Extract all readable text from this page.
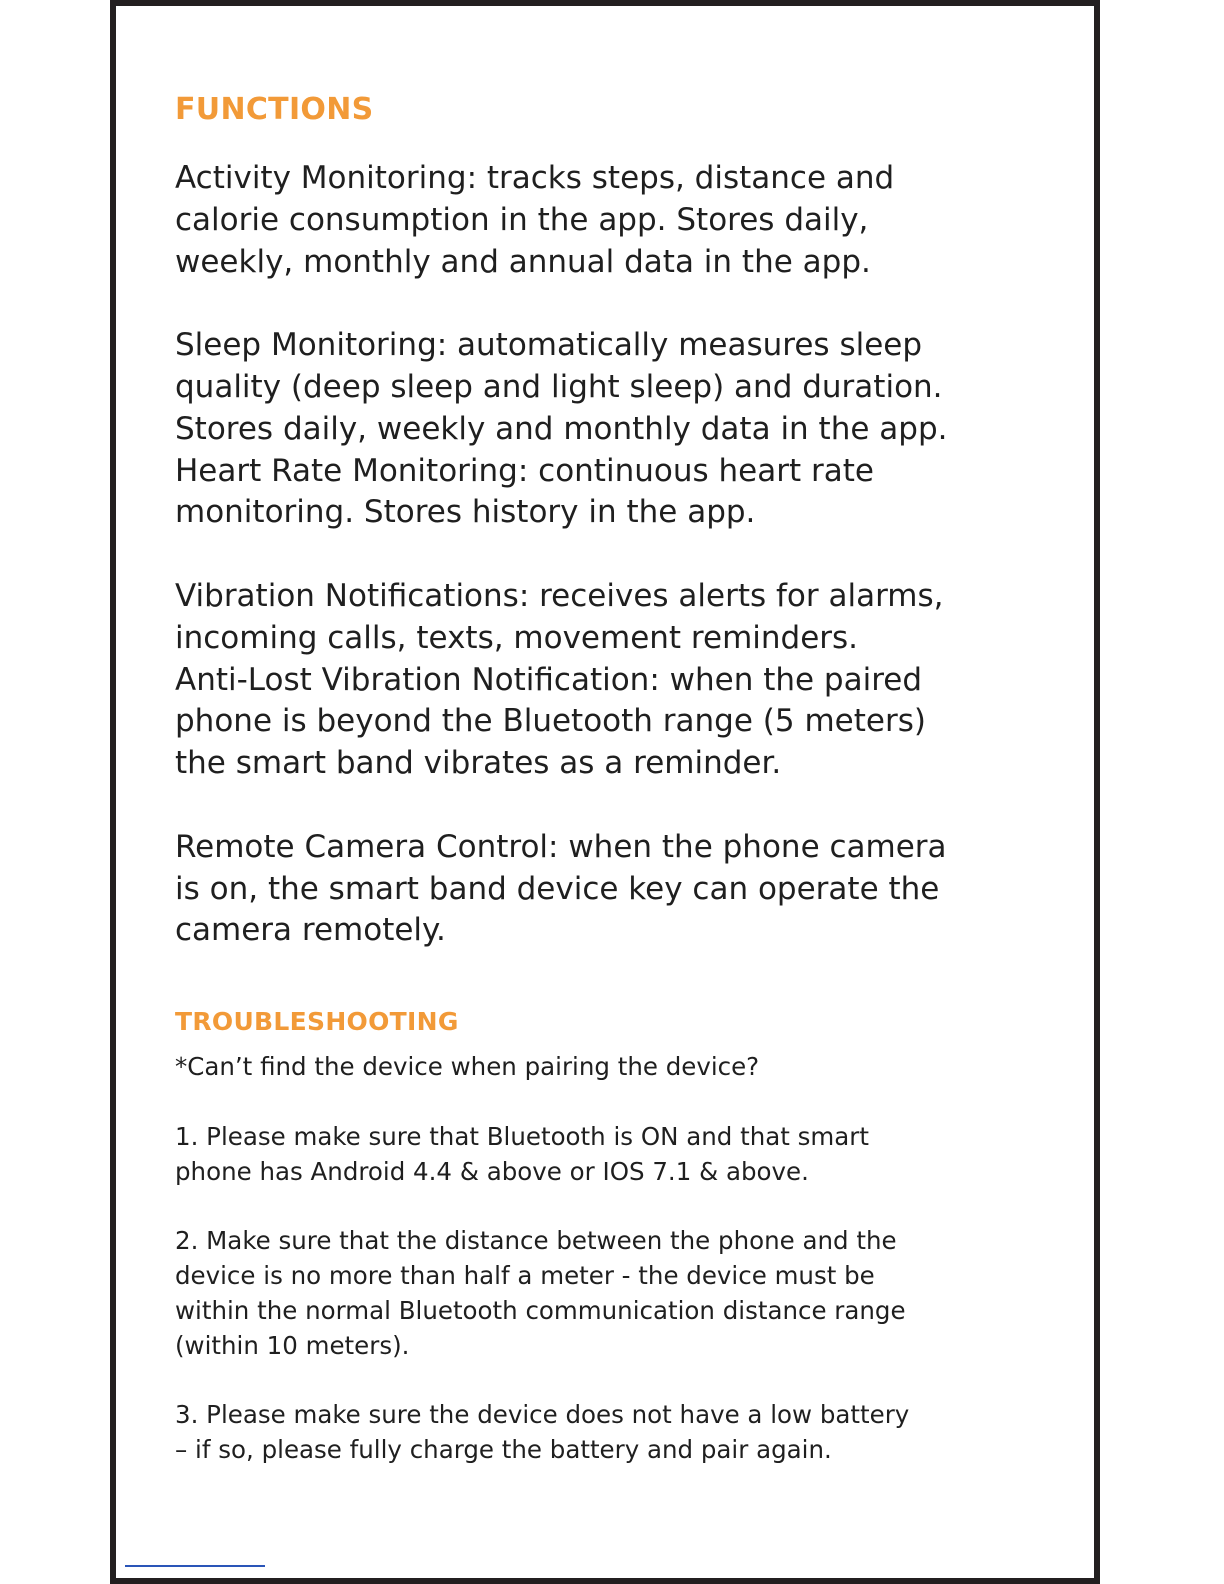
FUNCTIONS

Activity Monitoring: tracks steps, distance and
calorie consumption in the app. Stores daily,
weekly, monthly and annual data in the app.

Sleep Monitoring: automatically measures sleep
quality (deep sleep and light sleep) and duration.
Stores daily, weekly and monthly data in the app.
Heart Rate Monitoring: continuous heart rate
monitoring. Stores history in the app.

Vibration Notifications: receives alerts for alarms,
incoming calls, texts, movement reminders.
Anti-Lost Vibration Notification: when the paired
phone is beyond the Bluetooth range (5 meters)
the smart band vibrates as a reminder.

Remote Camera Control: when the phone camera
is on, the smart band device key can operate the
camera remotely.

TROUBLESHOOTING

*Can’t find the device when pairing the device?

1. Please make sure that Bluetooth is ON and that smart
phone has Android 4.4 & above or IOS 7.1 & above.

2. Make sure that the distance between the phone and the
device is no more than half a meter - the device must be
within the normal Bluetooth communication distance range
(within 10 meters).

3. Please make sure the device does not have a low battery
– if so, please fully charge the battery and pair again.
